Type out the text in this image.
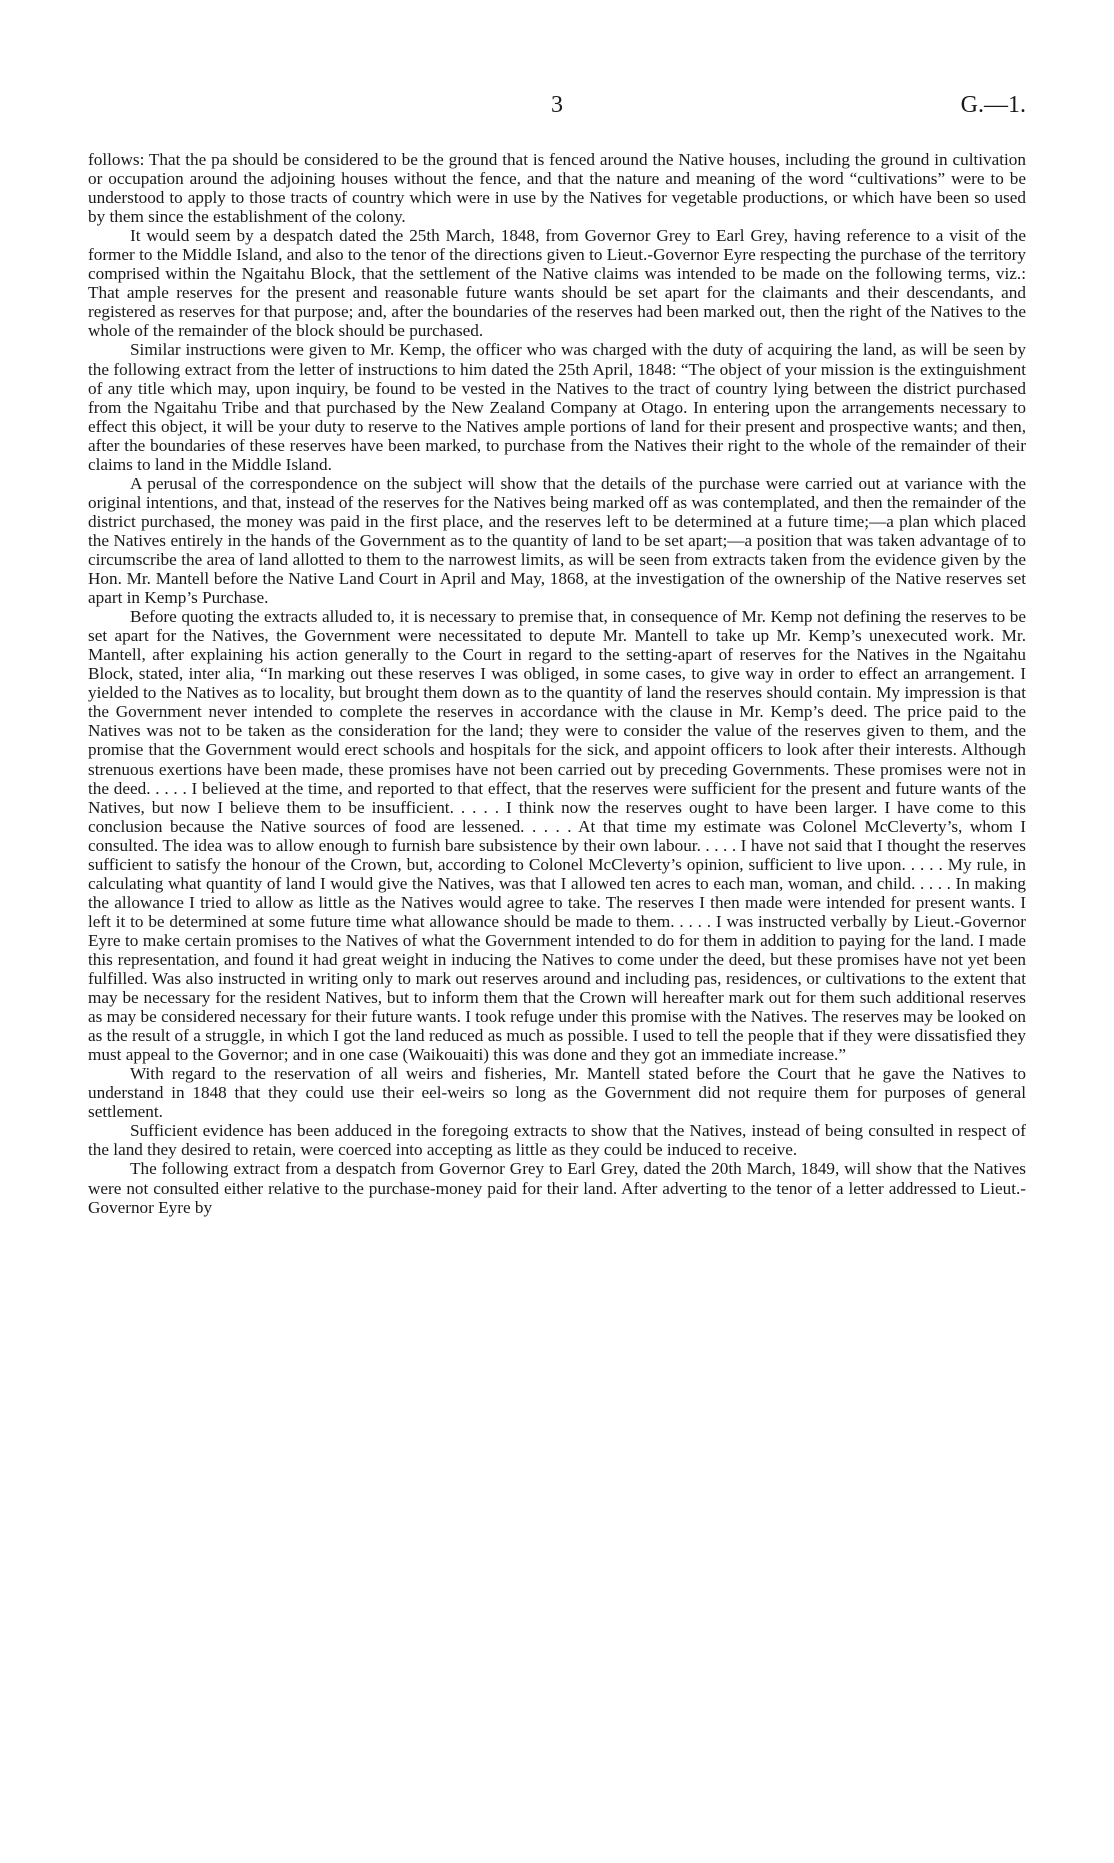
3	G.—1.

follows: That the pa should be considered to be the ground that is fenced around the Native houses, including the ground in cultivation or occupation around the adjoining houses without the fence, and that the nature and meaning of the word “cultivations” were to be understood to apply to those tracts of country which were in use by the Natives for vegetable productions, or which have been so used by them since the establishment of the colony.

It would seem by a despatch dated the 25th March, 1848, from Governor Grey to Earl Grey, having reference to a visit of the former to the Middle Island, and also to the tenor of the directions given to Lieut.-Governor Eyre respecting the purchase of the territory comprised within the Ngaitahu Block, that the settlement of the Native claims was intended to be made on the following terms, viz.: That ample reserves for the present and reasonable future wants should be set apart for the claimants and their descendants, and registered as reserves for that purpose; and, after the boundaries of the reserves had been marked out, then the right of the Natives to the whole of the remainder of the block should be purchased.

Similar instructions were given to Mr. Kemp, the officer who was charged with the duty of acquiring the land, as will be seen by the following extract from the letter of instructions to him dated the 25th April, 1848: “The object of your mission is the extinguishment of any title which may, upon inquiry, be found to be vested in the Natives to the tract of country lying between the district purchased from the Ngaitahu Tribe and that purchased by the New Zealand Company at Otago. In entering upon the arrangements necessary to effect this object, it will be your duty to reserve to the Natives ample portions of land for their present and prospective wants; and then, after the boundaries of these reserves have been marked, to purchase from the Natives their right to the whole of the remainder of their claims to land in the Middle Island.

A perusal of the correspondence on the subject will show that the details of the purchase were carried out at variance with the original intentions, and that, instead of the reserves for the Natives being marked off as was contemplated, and then the remainder of the district purchased, the money was paid in the first place, and the reserves left to be determined at a future time;—a plan which placed the Natives entirely in the hands of the Government as to the quantity of land to be set apart;—a position that was taken advantage of to circumscribe the area of land allotted to them to the narrowest limits, as will be seen from extracts taken from the evidence given by the Hon. Mr. Mantell before the Native Land Court in April and May, 1868, at the investigation of the ownership of the Native reserves set apart in Kemp’s Purchase.

Before quoting the extracts alluded to, it is necessary to premise that, in consequence of Mr. Kemp not defining the reserves to be set apart for the Natives, the Government were necessitated to depute Mr. Mantell to take up Mr. Kemp’s unexecuted work. Mr. Mantell, after explaining his action generally to the Court in regard to the setting-apart of reserves for the Natives in the Ngaitahu Block, stated, inter alia, “In marking out these reserves I was obliged, in some cases, to give way in order to effect an arrangement. I yielded to the Natives as to locality, but brought them down as to the quantity of land the reserves should contain. My impression is that the Government never intended to complete the reserves in accordance with the clause in Mr. Kemp’s deed. The price paid to the Natives was not to be taken as the consideration for the land; they were to consider the value of the reserves given to them, and the promise that the Government would erect schools and hospitals for the sick, and appoint officers to look after their interests. Although strenuous exertions have been made, these promises have not been carried out by preceding Governments. These promises were not in the deed. . . . . I believed at the time, and reported to that effect, that the reserves were sufficient for the present and future wants of the Natives, but now I believe them to be insufficient. . . . . I think now the reserves ought to have been larger. I have come to this conclusion because the Native sources of food are lessened. . . . . At that time my estimate was Colonel McCleverty’s, whom I consulted. The idea was to allow enough to furnish bare subsistence by their own labour. . . . . I have not said that I thought the reserves sufficient to satisfy the honour of the Crown, but, according to Colonel McCleverty’s opinion, sufficient to live upon. . . . . My rule, in calculating what quantity of land I would give the Natives, was that I allowed ten acres to each man, woman, and child. . . . . In making the allowance I tried to allow as little as the Natives would agree to take. The reserves I then made were intended for present wants. I left it to be determined at some future time what allowance should be made to them. . . . . I was instructed verbally by Lieut.-Governor Eyre to make certain promises to the Natives of what the Government intended to do for them in addition to paying for the land. I made this representation, and found it had great weight in inducing the Natives to come under the deed, but these promises have not yet been fulfilled. Was also instructed in writing only to mark out reserves around and including pas, residences, or cultivations to the extent that may be necessary for the resident Natives, but to inform them that the Crown will hereafter mark out for them such additional reserves as may be considered necessary for their future wants. I took refuge under this promise with the Natives. The reserves may be looked on as the result of a struggle, in which I got the land reduced as much as possible. I used to tell the people that if they were dissatisfied they must appeal to the Governor; and in one case (Waikouaiti) this was done and they got an immediate increase.”

With regard to the reservation of all weirs and fisheries, Mr. Mantell stated before the Court that he gave the Natives to understand in 1848 that they could use their eel-weirs so long as the Government did not require them for purposes of general settlement.

Sufficient evidence has been adduced in the foregoing extracts to show that the Natives, instead of being consulted in respect of the land they desired to retain, were coerced into accepting as little as they could be induced to receive.

The following extract from a despatch from Governor Grey to Earl Grey, dated the 20th March, 1849, will show that the Natives were not consulted either relative to the purchase-money paid for their land. After adverting to the tenor of a letter addressed to Lieut.-Governor Eyre by
